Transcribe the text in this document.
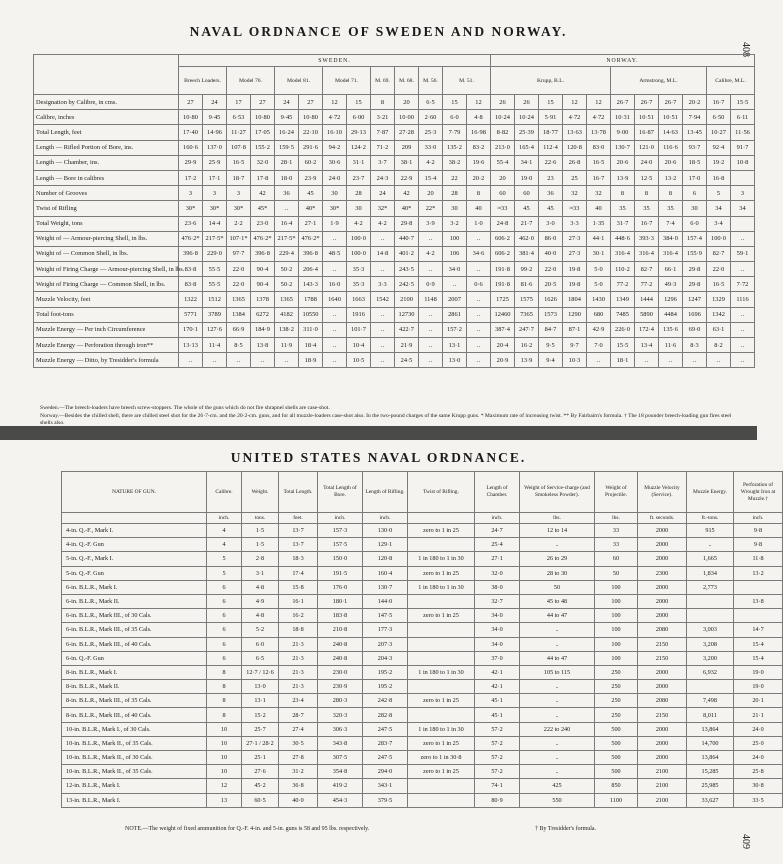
408
409
NAVAL ORDNANCE OF SWEDEN AND NORWAY.
	SWEDEN.													NORWAY.										
	Breech Loaders.		Model 76.		Model 81.		Model 71.		M. 69.	M. 68.	M. 56.	M. 51.		Krupp, B.L.					Armstrong, M.L.				Calibre, M.L.	
Designation by Calibre, in cms.	27	24	17	27	24	27	12	15	8	20	6·5	15	12	26	26	15	12	12	26·7	26·7	26·7	20·2	16·7	15·5
Calibre, inches	10·80	9·45	6·53	10·80	9·45	10·80	4·72	6·00	3·21	10·00	2·60	6·0	4·8	10·24	10·24	5·91	4·72	4·72	10·31	10·51	10·51	7·94	6·50	6·11
Total Length, feet	17·40	14·96	11·27	17·05	16·24	22·10	16·10	29·13	7·87	27·28	25·3	7·79	16·98	8·82	25·39	18·77	13·63	13·78	9·00	16·87	14·63	13·45	10·27	11·56
Length — Rifled Portion of Bore, ins.	160·6	137·0	107·8	155·2	159·5	291·6	94·2	124·2	71·2	209	33·0	135·2	83·2	213·0	165·4	112·4	120·8	83·0	130·7	121·0	116·6	93·7	92·4	91·7
Length — Chamber, ins.	29·9	25·9	16·5	32·0	28·1	60·2	30·6	31·1	3·7	38·1	4·2	38·2	19·6	55·4	34·1	22·6	26·8	16·5	20·6	24·0	20·6	18·5	19·2	10·8
Length — Bore in calibres	17·2	17·1	18·7	17·8	18·0	23·9	24·0	23·7	24·3	22·9	15·4	22	20·2	20	19·0	23	25	16·7	13·9	12·5	13·2	17·0	16·8	
Number of Grooves	3	3	3	42	36	45	30	28	24	42	20	28	8	60	60	36	32	32	8	8	8	6	5	3
Twist of Rifling	30*	30*	30*	45*	..	40*	30*	30	32*	40*	22*	30	40	≈33	45	45	≈33	40	35	35	35	30	34	34
Total Weight, tons	23·6	14·4	2·2	23·0	16·4	27·1	1·9	4·2	4·2	29·8	3·9	3·2	1·0	24·8	21·7	3·0	3·3	1·35	31·7	16·7	7·4	6·0	3·4	
Weight of — Armour-piercing Shell, in lbs.	476·2*	217·5*	107·1*	476·2*	217·5*	476·2*	..	100·0	..	440·7	..	100	..	606·2	462·0	86·0	27·3	44·1	448·6	393·3	384·0	157·4	100·0	..
Weight of — Common Shell, in lbs.	396·8	229·0	97·7	396·8	229·4	396·8	48·5	100·0	14·8	401·2	4·2	106	34·6	606·2	381·4	40·0	27·3	30·1	316·4	316·4	316·4	155·9	82·7	59·1
Weight of Firing Charge — Armour-piercing Shell, in lbs.	83·8	55·5	22·0	90·4	50·2	206·4	..	35·3	..	243·5	..	34·0	..	191·8	99·2	22·0	19·8	5·0	110·2	82·7	66·1	29·8	22·0	..
Weight of Firing Charge — Common Shell, in lbs.	83·8	55·5	22·0	90·4	50·2	143·3	16·0	35·3	3·3	242·5	0·9	..	0·6	191·8	81·6	20·5	19·8	5·0	77·2	77·2	49·3	29·8	16·5	7·72
Muzzle Velocity, feet	1322	1512	1365	1378	1365	1788	1640	1663	1542	2100	1148	2007	..	1725	1575	1626	1804	1430	1349	1444	1296	1247	1329	1116
Total foot-tons	5771	3789	1384	6272	4182	10550	..	1916	..	12730	..	2861	..	12460	7365	1573	1290	680	7485	5890	4484	1696	1342	..
Muzzle Energy — Per inch Circumference	170·1	127·6	66·9	184·9	138·2	311·0	..	101·7	..	422·7	..	157·2	..	387·4	247·7	84·7	87·1	42·9	226·0	172·4	135·6	69·0	63·1	..
Muzzle Energy — Perforation through iron**	13·13	11·4	8·5	13·8	11·9	18·4	..	10·4	..	21·9	..	13·1	..	20·4	16·2	9·5	9·7	7·0	15·5	13·4	11·6	8·3	8·2	..
Muzzle Energy — Ditto, by Tresidder's formula	..	..	..	..	..	18·9	..	10·5	..	24·5	..	13·0	..	20·9	13·9	9·4	10·3	..	18·1	..	..	..	..	..
Sweden.—The breech-loaders have breech screw-stoppers. The whole of the guns which do not fire shrapnel shells are case-shot.
Norway.—Besides the chilled shell, there are chilled steel shot for the 26·7-cm. and the 20·2-cm. guns, and for all muzzle-loaders case-shot also. In the two-pound charges of the same Krupp guns. * Maximum rate of increasing twist. ** By Fairbairn's formula. † The 18 pounder breech-loading gun fires steel shells also.
UNITED STATES NAVAL ORDNANCE.
NATURE OF GUN.	Calibre.	Weight.	Total Length.	Total Length of Bore.	Length of Rifling.	Twist of Rifling.	Length of Chamber.	Weight of Service-charge (and Smokeless Powder).	Weight of Projectile.	Muzzle Velocity (Service).	Muzzle Energy.	Perforation of Wrought Iron at Muzzle.†
	inch.	tons.	feet.	inch.	inch.		inch.	lbs.	lbs.	ft. seconds.	ft.-tons.	inch.
4-in. Q.-F., Mark I.	4	1·5	13·7	157·3	130·0	zero to 1 in 25	24·7	12 to 14	33	2000	915	9·8
4-in. Q.-F. Gun	4	1·5	13·7	157·5	129·1		25·4	..	33	2000	..	9·8
5-in. Q.-F., Mark I.	5	2·8	18·3	150·0	120·8	1 in 180 to 1 in 30	27·1	26 to 29	60	2000	1,665	11·8
5-in. Q.-F. Gun	5	3·1	17·4	191·5	160·4	zero to 1 in 25	32·0	28 to 30	50	2300	1,834	13·2
6-in. B.L.R., Mark I.	6	4·8	15·8	176·0	130·7	1 in 180 to 1 in 30	38·0	50	100	2000	2,773	
6-in. B.L.R., Mark II.	6	4·9	16·1	180·1	144·0		32·7	45 to 48	100	2000		13·8
6-in. B.L.R., Mark III., of 30 Cals.	6	4·8	16·2	183·8	147·5	zero to 1 in 25	34·0	44 to 47	100	2000		
6-in. B.L.R., Mark III., of 35 Cals.	6	5·2	18·8	210·8	177·3		34·0	..	100	2080	3,003	14·7
6-in. B.L.R., Mark III., of 40 Cals.	6	6·0	21·3	240·8	207·3		34·0	..	100	2150	3,208	15·4
6-in. Q.-F. Gun	6	6·5	21·3	240·8	204·3		37·0	44 to 47	100	2150	3,200	15·4
8-in. B.L.R., Mark I.	8	12·7 / 12·6	21·3	230·0	195·2	1 in 180 to 1 in 30	42·1	105 to 115	250	2000	6,932	19·0
8-in. B.L.R., Mark II.	8	13·0	21·3	230·9	195·2		42·1	..	250	2000		19·0
8-in. B.L.R., Mark III., of 35 Cals.	8	13·1	23·4	280·3	242·8	zero to 1 in 25	45·1	..	250	2080	7,498	20·1
8-in. B.L.R., Mark III., of 40 Cals.	8	15·2	28·7	320·3	282·8		45·1	..	250	2150	8,011	21·1
10-in. B.L.R., Mark I., of 30 Cals.	10	25·7	27·4	306·3	247·5	1 in 180 to 1 in 30	57·2	222 to 240	500	2000	13,864	24·0
10-in. B.L.R., Mark II., of 35 Cals.	10	27·1 / 28·2	30·5	343·8	283·7	zero to 1 in 25	57·2	..	500	2000	14,700	25·0
10-in. B.L.R., Mark II., of 30 Cals.	10	25·1	27·8	307·5	247·5	zero to 1 in 30·8	57·2	..	500	2000	13,864	24·0
10-in. B.L.R., Mark II., of 35 Cals.	10	27·6	31·2	354·8	294·0	zero to 1 in 25	57·2	..	500	2100	15,285	25·8
12-in. B.L.R., Mark I.	12	45·2	36·8	419·2	343·1		74·1	425	850	2100	25,985	30·8
13-in. B.L.R., Mark I.	13	60·5	40·0	454·3	379·5		80·9	550	1100	2100	33,627	33·5
NOTE.—The weight of fixed ammunition for Q.-F. 4-in. and 5-in. guns is 58 and 95 lbs. respectively.	† By Tresidder's formula.
